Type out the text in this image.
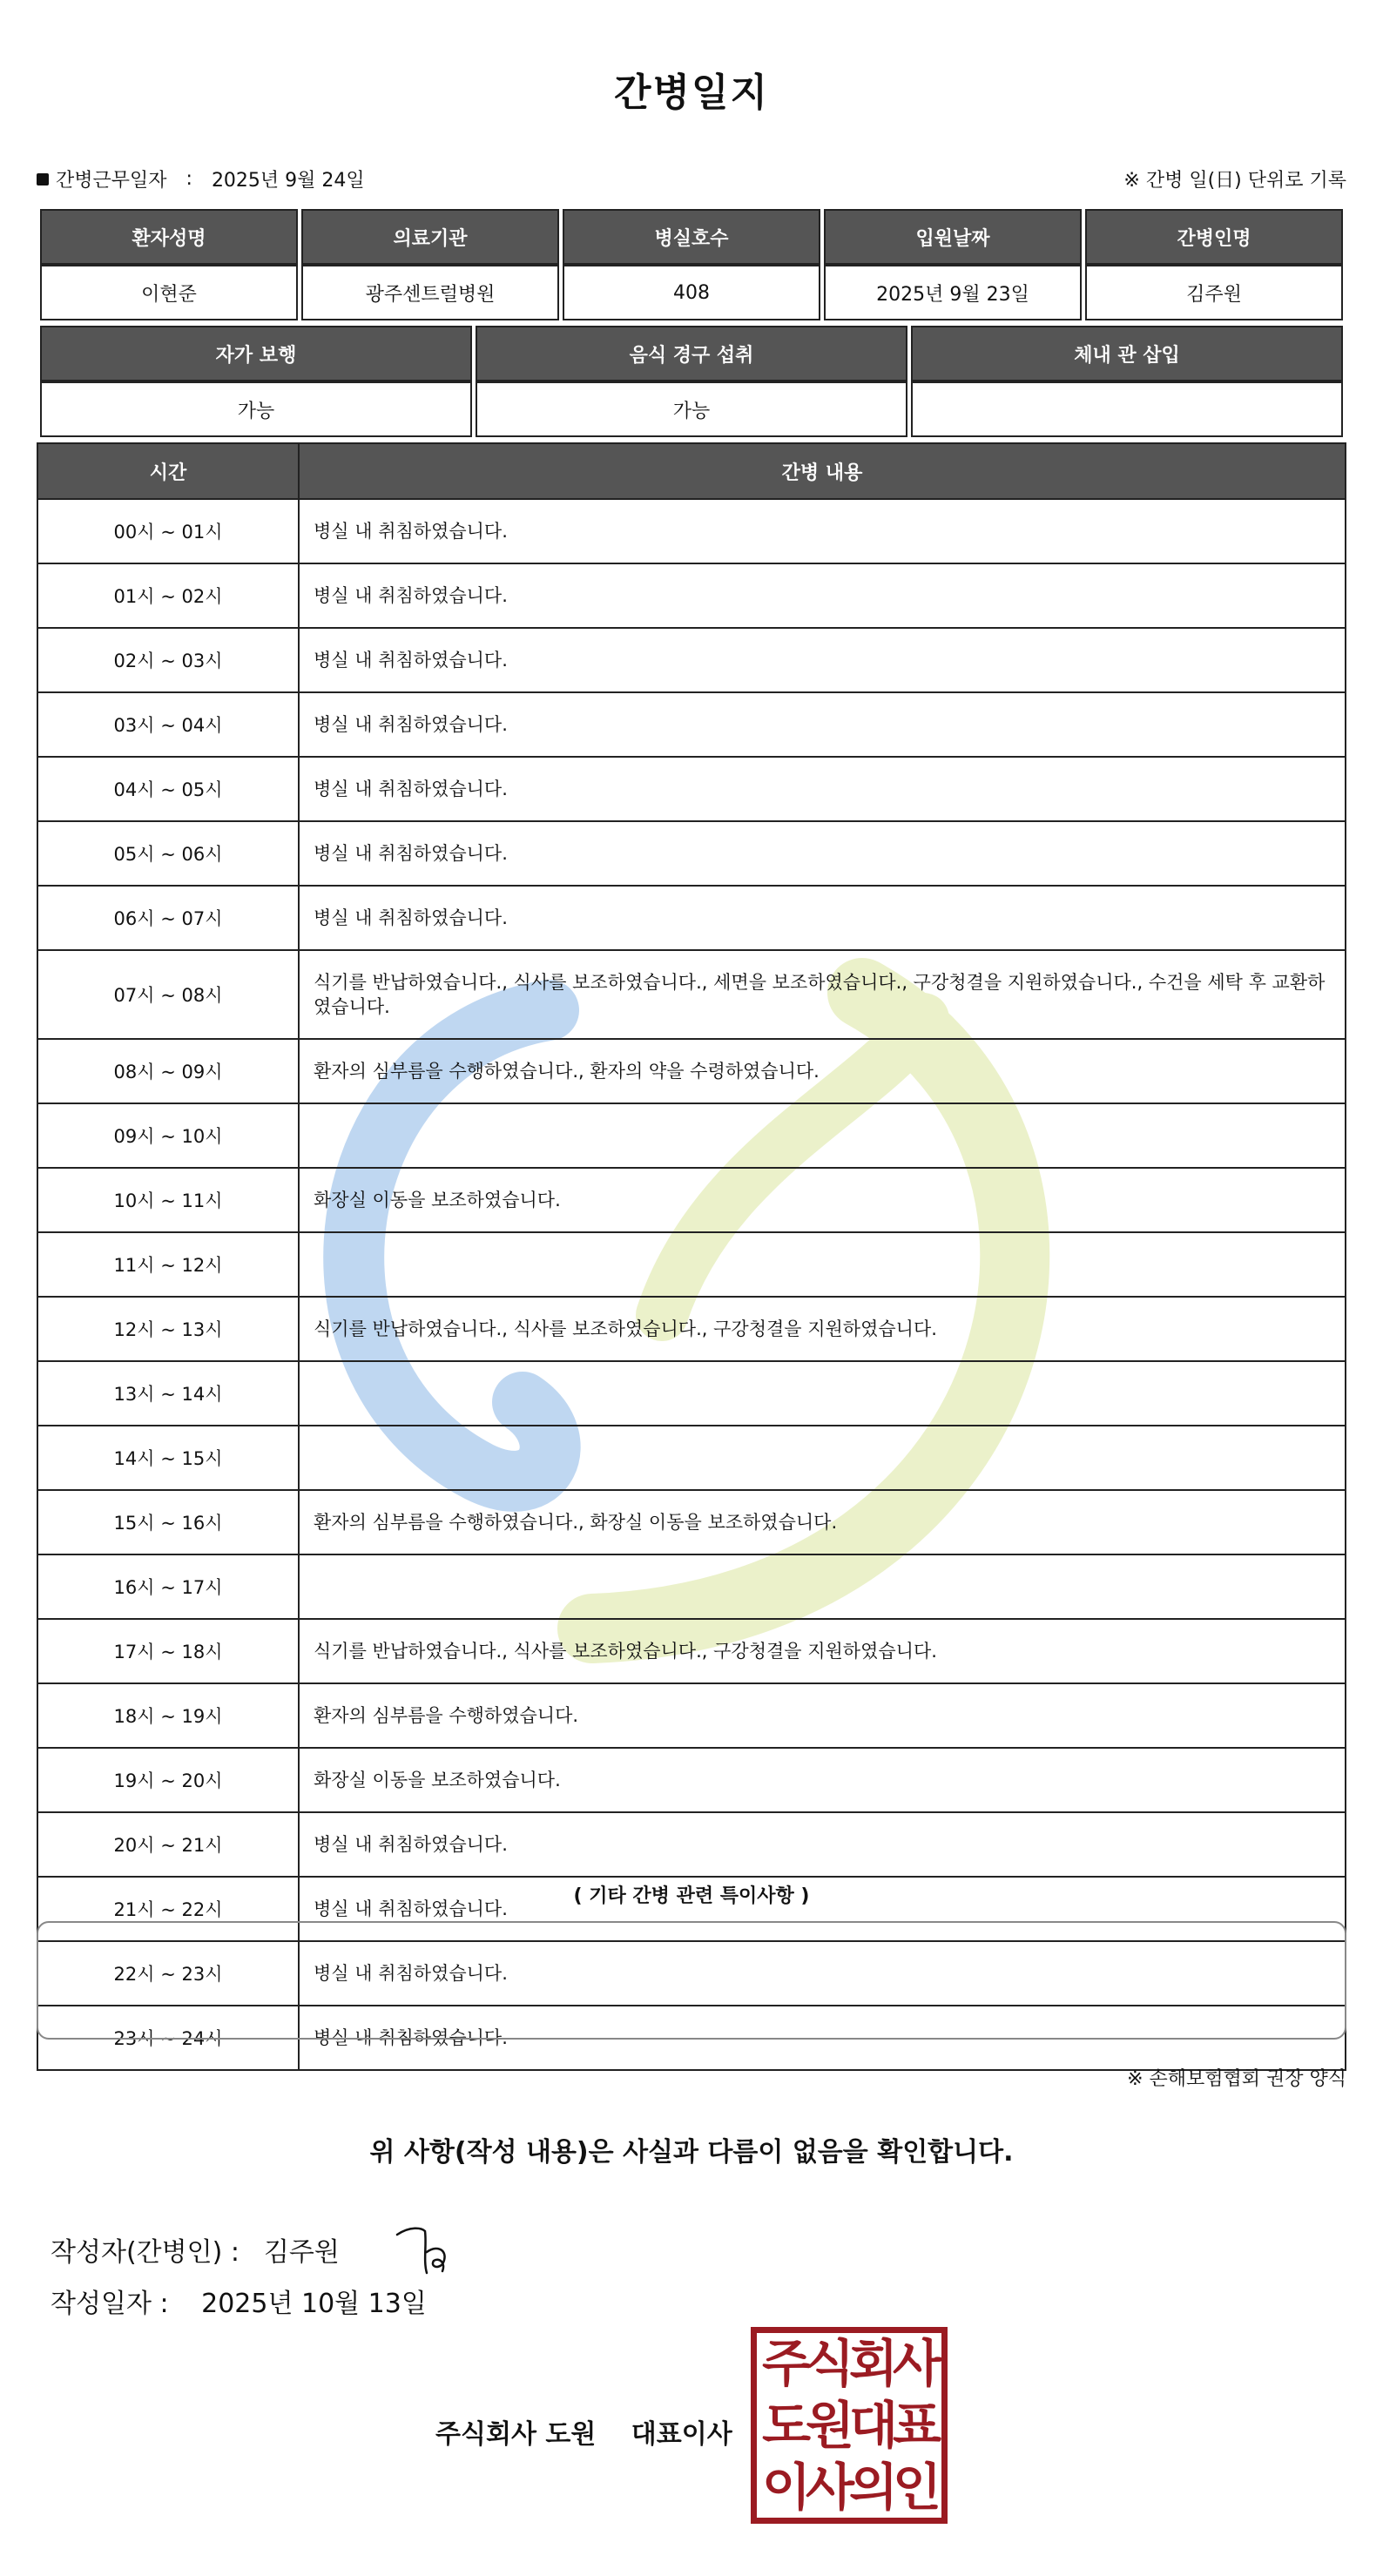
간병일지
간병근무일자 : 2025년 9월 24일	※ 간병 일(日) 단위로 기록
환자성명	의료기관	병실호수	입원날짜	간병인명
이현준	광주센트럴병원	408	2025년 9월 23일	김주원
자가 보행	음식 경구 섭취	체내 관 삽입
가능	가능	
시간	간병 내용
00시 ~ 01시	병실 내 취침하였습니다.
01시 ~ 02시	병실 내 취침하였습니다.
02시 ~ 03시	병실 내 취침하였습니다.
03시 ~ 04시	병실 내 취침하였습니다.
04시 ~ 05시	병실 내 취침하였습니다.
05시 ~ 06시	병실 내 취침하였습니다.
06시 ~ 07시	병실 내 취침하였습니다.
07시 ~ 08시	식기를 반납하였습니다., 식사를 보조하였습니다., 세면을 보조하였습니다., 구강청결을 지원하였습니다., 수건을 세탁 후 교환하였습니다.
08시 ~ 09시	환자의 심부름을 수행하였습니다., 환자의 약을 수령하였습니다.
09시 ~ 10시	
10시 ~ 11시	화장실 이동을 보조하였습니다.
11시 ~ 12시	
12시 ~ 13시	식기를 반납하였습니다., 식사를 보조하였습니다., 구강청결을 지원하였습니다.
13시 ~ 14시	
14시 ~ 15시	
15시 ~ 16시	환자의 심부름을 수행하였습니다., 화장실 이동을 보조하였습니다.
16시 ~ 17시	
17시 ~ 18시	식기를 반납하였습니다., 식사를 보조하였습니다., 구강청결을 지원하였습니다.
18시 ~ 19시	환자의 심부름을 수행하였습니다.
19시 ~ 20시	화장실 이동을 보조하였습니다.
20시 ~ 21시	병실 내 취침하였습니다.
21시 ~ 22시	병실 내 취침하였습니다.
22시 ~ 23시	병실 내 취침하였습니다.
23시 ~ 24시	병실 내 취침하였습니다.
( 기타 간병 관련 특이사항 )
※ 손해보험협회 권장 양식
위 사항(작성 내용)은 사실과 다름이 없음을 확인합니다.
작성자(간병인) : 김주원
작성일자 : 2025년 10월 13일
주식회사 도원 대표이사
주식회사
도원대표
이사의인
